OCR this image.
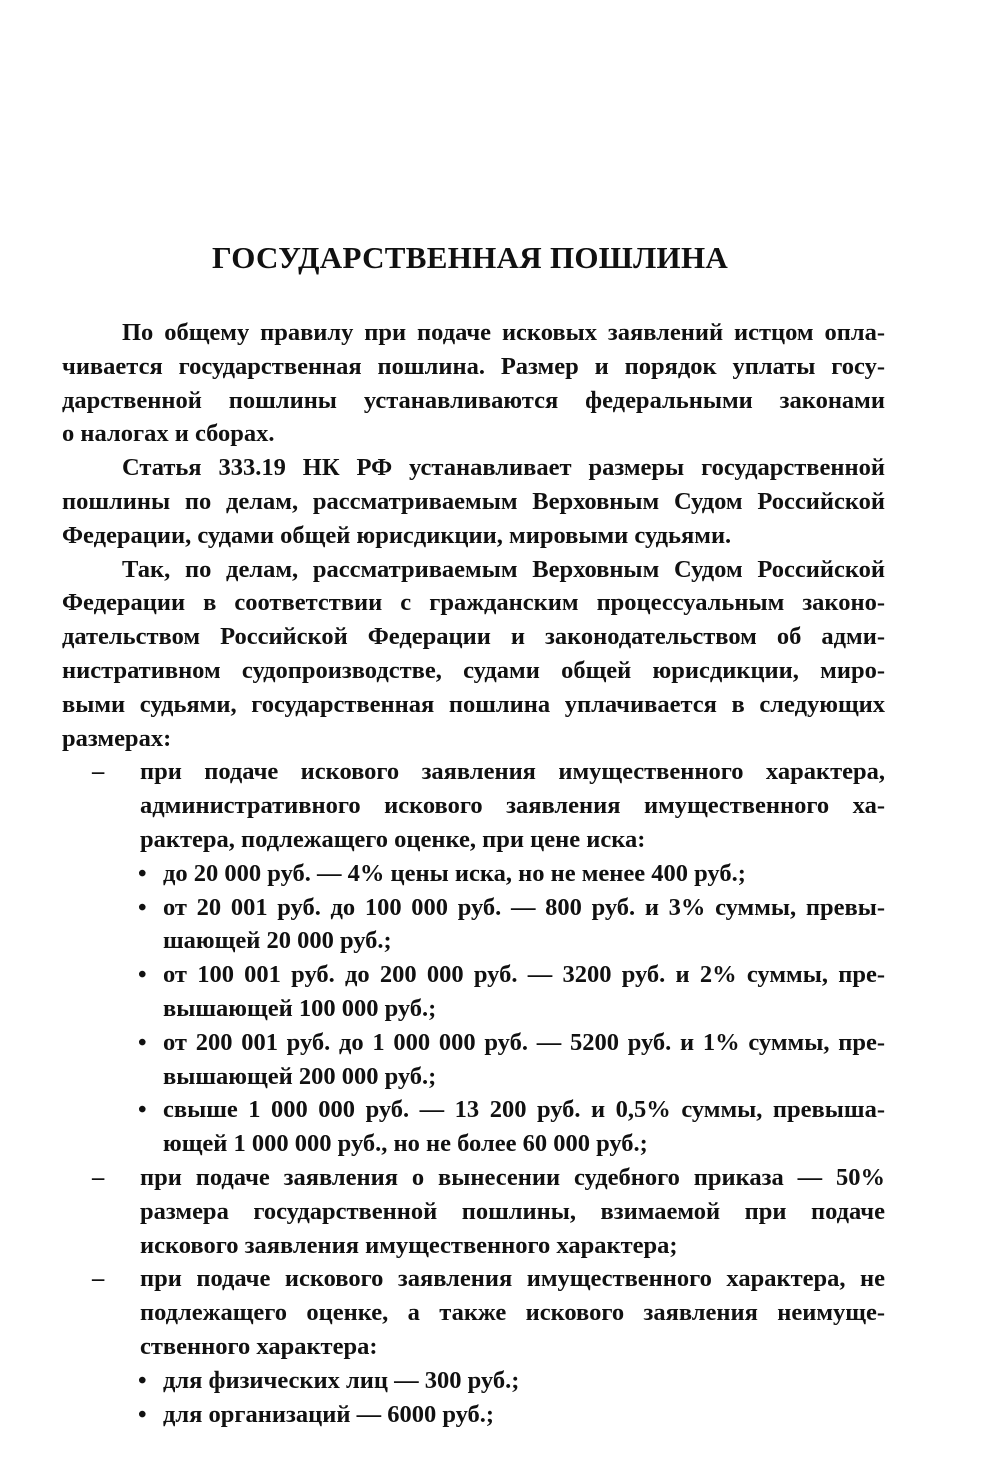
ГОСУДАРСТВЕННАЯ ПОШЛИНА
По общему правилу при подаче исковых заявлений истцом опла-
чивается государственная пошлина. Размер и порядок уплаты госу-
дарственной пошлины устанавливаются федеральными законами
о налогах и сборах.
Статья 333.19 НК РФ устанавливает размеры государственной
пошлины по делам, рассматриваемым Верховным Судом Российской
Федерации, судами общей юрисдикции, мировыми судьями.
Так, по делам, рассматриваемым Верховным Судом Российской
Федерации в соответствии с гражданским процессуальным законо-
дательством Российской Федерации и законодательством об адми-
нистративном судопроизводстве, судами общей юрисдикции, миро-
выми судьями, государственная пошлина уплачивается в следующих
размерах:
– при подаче искового заявления имущественного характера,
административного искового заявления имущественного ха-
рактера, подлежащего оценке, при цене иска:
• до 20 000 руб. — 4% цены иска, но не менее 400 руб.;
• от 20 001 руб. до 100 000 руб. — 800 руб. и 3% суммы, превы-
шающей 20 000 руб.;
• от 100 001 руб. до 200 000 руб. — 3200 руб. и 2% суммы, пре-
вышающей 100 000 руб.;
• от 200 001 руб. до 1 000 000 руб. — 5200 руб. и 1% суммы, пре-
вышающей 200 000 руб.;
• свыше 1 000 000 руб. — 13 200 руб. и 0,5% суммы, превыша-
ющей 1 000 000 руб., но не более 60 000 руб.;
– при подаче заявления о вынесении судебного приказа — 50%
размера государственной пошлины, взимаемой при подаче
искового заявления имущественного характера;
– при подаче искового заявления имущественного характера, не
подлежащего оценке, а также искового заявления неимуще-
ственного характера:
• для физических лиц — 300 руб.;
• для организаций — 6000 руб.;
